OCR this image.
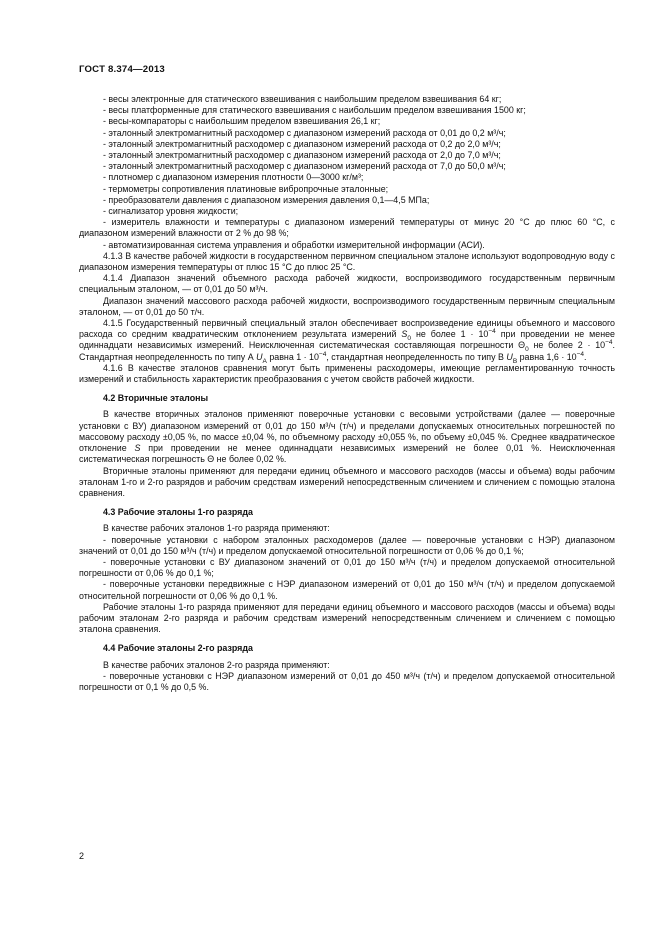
ГОСТ 8.374—2013

- весы электронные для статического взвешивания с наибольшим пределом взвешивания 64 кг;

- весы платформенные для статического взвешивания с наибольшим пределом взвешивания 1500 кг;

- весы-компараторы с наибольшим пределом взвешивания 26,1 кг;

- эталонный электромагнитный расходомер с диапазоном измерений расхода от 0,01 до 0,2 м³/ч;

- эталонный электромагнитный расходомер с диапазоном измерений расхода от 0,2 до 2,0 м³/ч;

- эталонный электромагнитный расходомер с диапазоном измерений расхода от 2,0 до 7,0 м³/ч;

- эталонный электромагнитный расходомер с диапазоном измерений расхода от 7,0 до 50,0 м³/ч;

- плотномер с диапазоном измерения плотности 0—3000 кг/м³;

- термометры сопротивления платиновые вибропрочные эталонные;

- преобразователи давления с диапазоном измерения давления 0,1—4,5 МПа;

- сигнализатор уровня жидкости;

- измеритель влажности и температуры с диапазоном измерений температуры от минус 20 °С до плюс 60 °С, с диапазоном измерений влажности от 2 % до 98 %;

- автоматизированная система управления и обработки измерительной информации (АСИ).

4.1.3 В качестве рабочей жидкости в государственном первичном специальном эталоне используют водопроводную воду с диапазоном измерения температуры от плюс 15 °С до плюс 25 °С.

4.1.4 Диапазон значений объемного расхода рабочей жидкости, воспроизводимого государственным первичным специальным эталоном, — от 0,01 до 50 м³/ч.

Диапазон значений массового расхода рабочей жидкости, воспроизводимого государственным первичным специальным эталоном, — от 0,01 до 50 т/ч.

4.1.5 Государственный первичный специальный эталон обеспечивает воспроизведение единицы объемного и массового расхода со средним квадратическим отклонением результата измерений $S_0$ не более $1 \cdot 10^{-4}$ при проведении не менее одиннадцати независимых измерений. Неисключенная систематическая составляющая погрешности $\Theta_0$ не более $2 \cdot 10^{-4}$. Стандартная неопределенность по типу А $U_А$ равна $1 \cdot 10^{-4}$, стандартная неопределенность по типу В $U_В$ равна $1,6 \cdot 10^{-4}$.

4.1.6 В качестве эталонов сравнения могут быть применены расходомеры, имеющие регламентированную точность измерений и стабильность характеристик преобразования с учетом свойств рабочей жидкости.

4.2 Вторичные эталоны

В качестве вторичных эталонов применяют поверочные установки с весовыми устройствами (далее — поверочные установки с ВУ) диапазоном измерений от 0,01 до 150 м³/ч (т/ч) и пределами допускаемых относительных погрешностей по массовому расходу ±0,05 %, по массе ±0,04 %, по объемному расходу ±0,055 %, по объему ±0,045 %. Среднее квадратическое отклонение S при проведении не менее одиннадцати независимых измерений не более 0,01 %. Неисключенная систематическая погрешность Θ не более 0,02 %.

Вторичные эталоны применяют для передачи единиц объемного и массового расходов (массы и объема) воды рабочим эталонам 1-го и 2-го разрядов и рабочим средствам измерений непосредственным сличением и сличением с помощью эталона сравнения.

4.3 Рабочие эталоны 1-го разряда

В качестве рабочих эталонов 1-го разряда применяют:

- поверочные установки с набором эталонных расходомеров (далее — поверочные установки с НЭР) диапазоном значений от 0,01 до 150 м³/ч (т/ч) и пределом допускаемой относительной погрешности от 0,06 % до 0,1 %;

- поверочные установки с ВУ диапазоном значений от 0,01 до 150 м³/ч (т/ч) и пределом допускаемой относительной погрешности от 0,06 % до 0,1 %;

- поверочные установки передвижные с НЭР диапазоном измерений от 0,01 до 150 м³/ч (т/ч) и пределом допускаемой относительной погрешности от 0,06 % до 0,1 %.

Рабочие эталоны 1-го разряда применяют для передачи единиц объемного и массового расходов (массы и объема) воды рабочим эталонам 2-го разряда и рабочим средствам измерений непосредственным сличением и сличением с помощью эталона сравнения.

4.4 Рабочие эталоны 2-го разряда

В качестве рабочих эталонов 2-го разряда применяют:

- поверочные установки с НЭР диапазоном измерений от 0,01 до 450 м³/ч (т/ч) и пределом допускаемой относительной погрешности от 0,1 % до 0,5 %.

2
